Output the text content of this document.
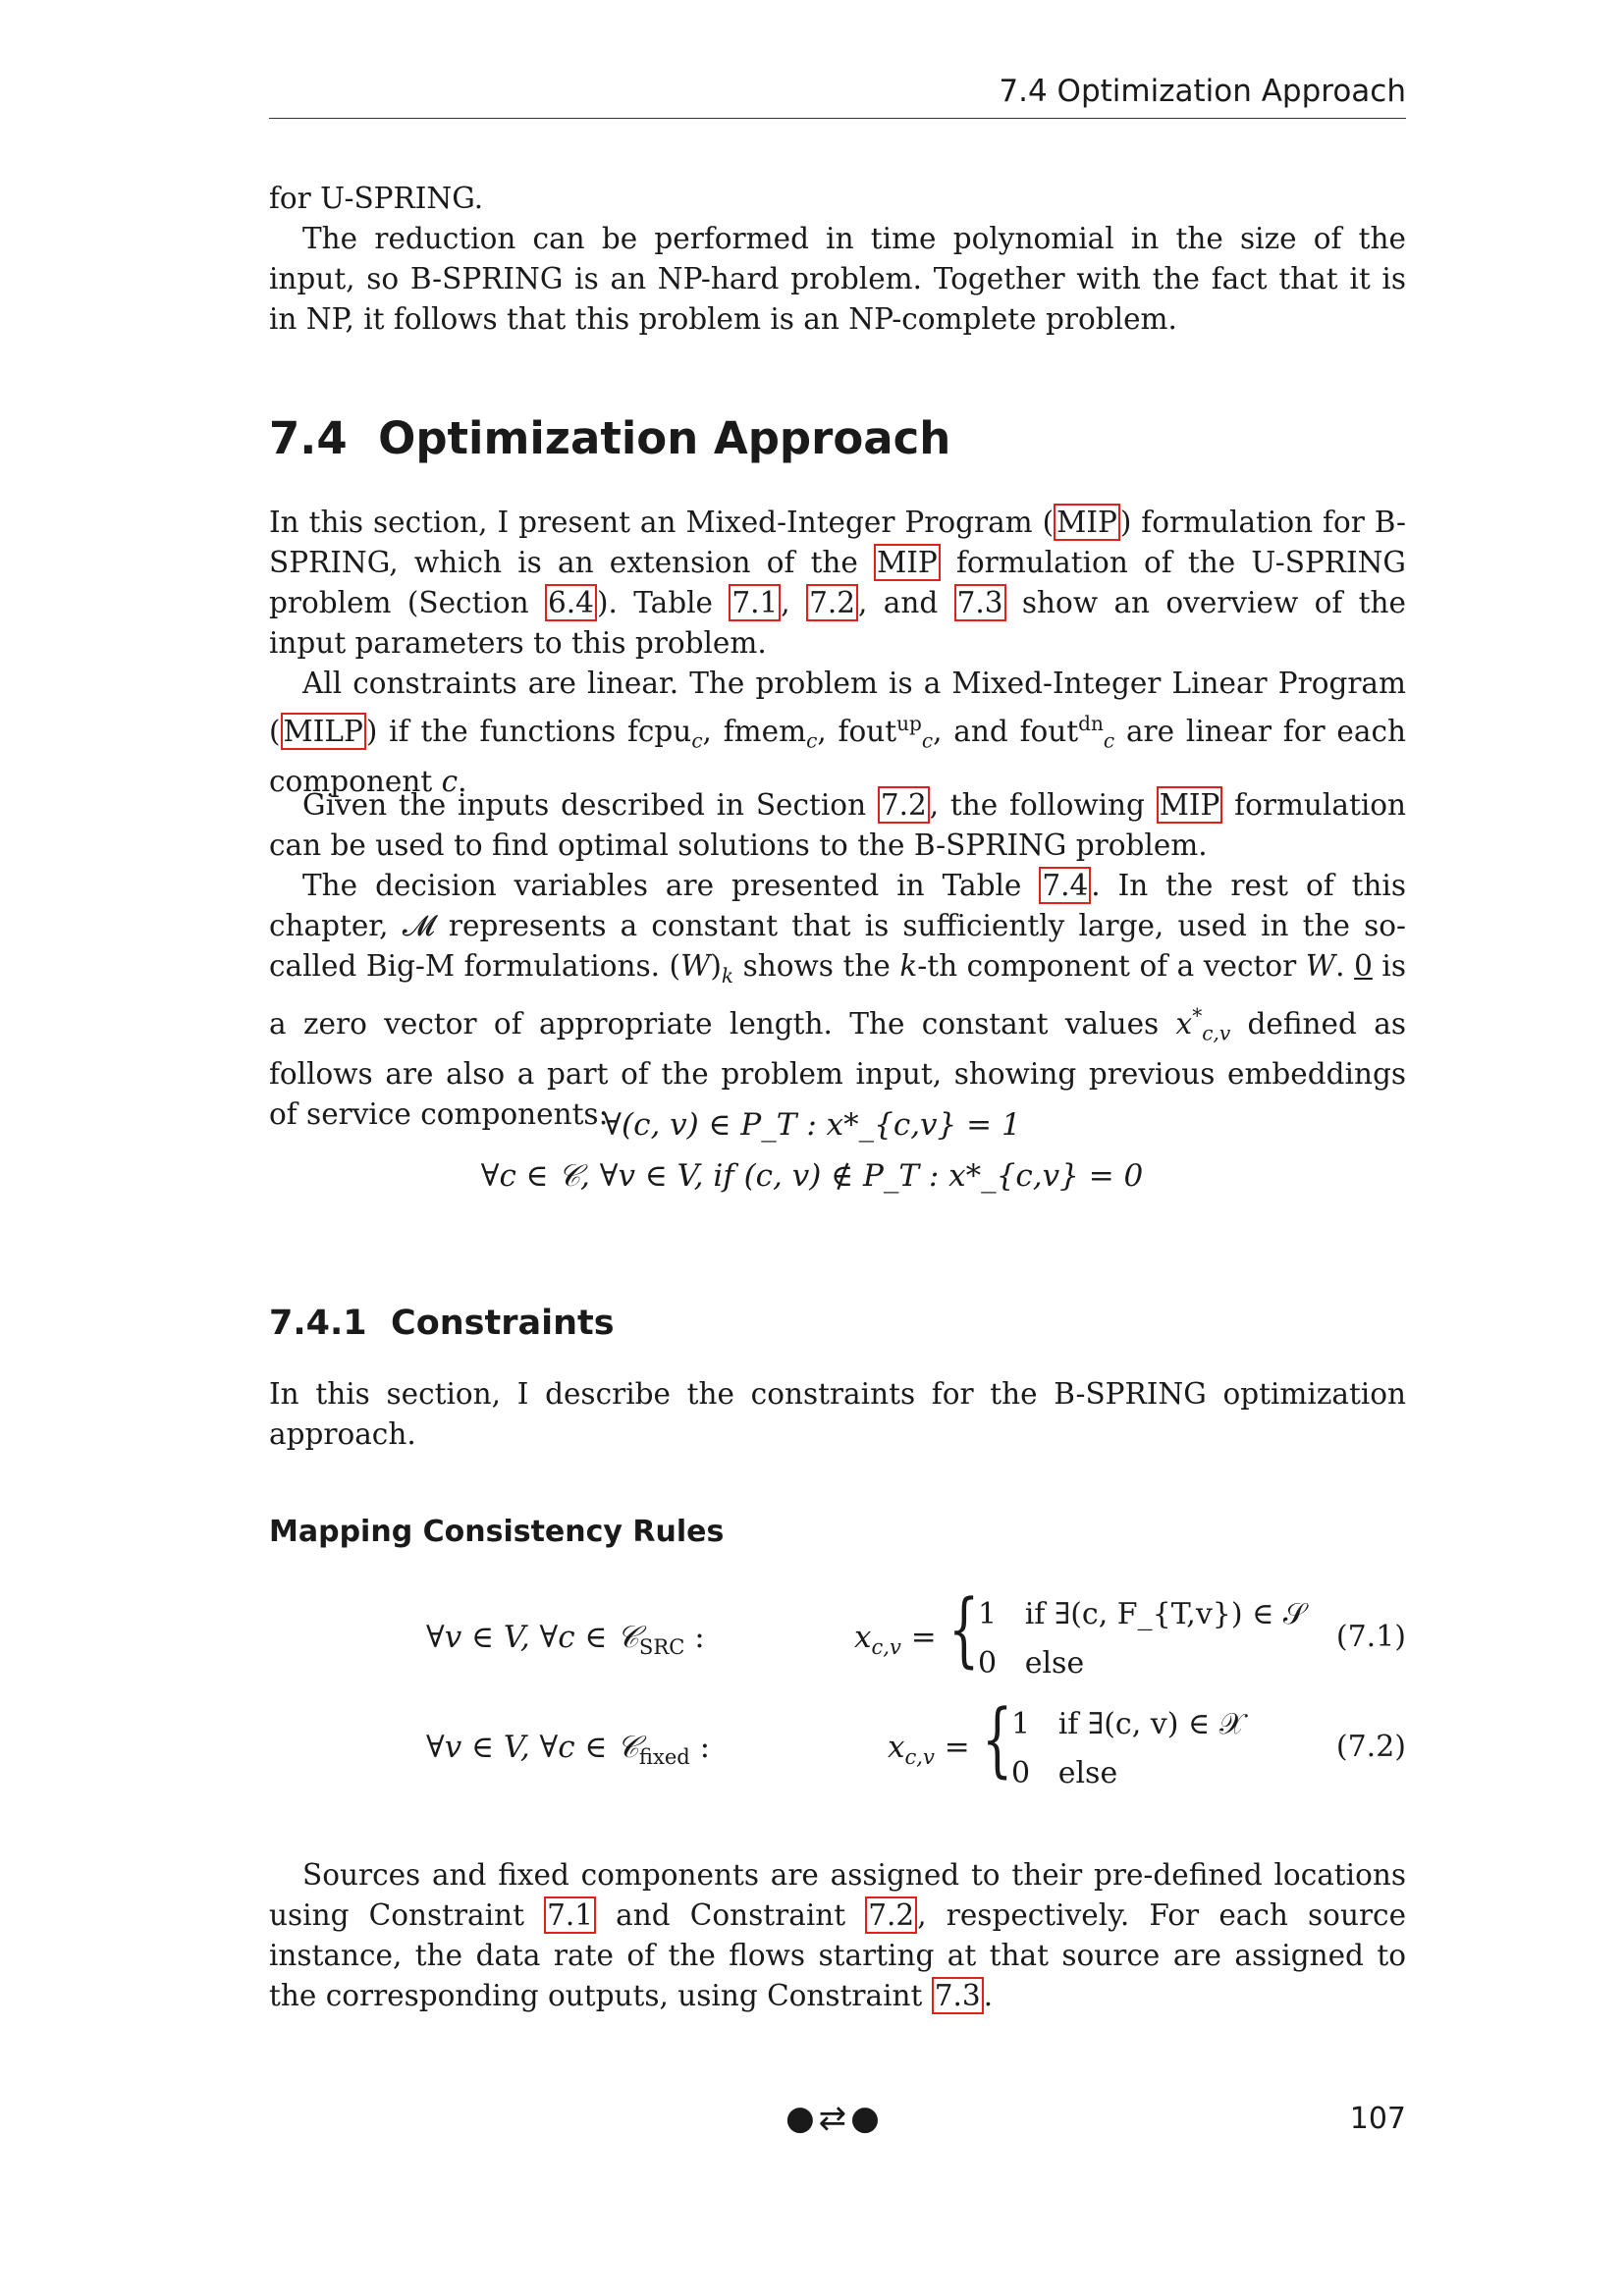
7.4 Optimization Approach
for U-SPRING.
The reduction can be performed in time polynomial in the size of the input, so B-SPRING is an NP-hard problem. Together with the fact that it is in NP, it follows that this problem is an NP-complete problem.
7.4 Optimization Approach
In this section, I present an Mixed-Integer Program ( MIP ) formulation for B-SPRING, which is an extension of the MIP formulation of the U-SPRING problem (Section 6.4 ). Table 7.1 , 7.2 , and 7.3 show an overview of the input parameters to this problem.
All constraints are linear. The problem is a Mixed-Integer Linear Program ( MILP ) if the functions fcpu$_c$, fmem$_c$, fout$^{up}_c$, and fout$^{dn}_c$ are linear for each component c.
Given the inputs described in Section 7.2 , the following MIP formulation can be used to find optimal solutions to the B-SPRING problem.
The decision variables are presented in Table 7.4 . In the rest of this chapter, 𝓜 represents a constant that is sufficiently large, used in the so-called Big-M formulations. $(W)_k$ shows the k-th component of a vector W. 0 is a zero vector of appropriate length. The constant values $x^*_{c,v}$ defined as follows are also a part of the problem input, showing previous embeddings of service components:
∀(c, v) ∈ P_T : x*_{c,v} = 1
∀c ∈ 𝒞, ∀v ∈ V, if (c, v) ∉ P_T : x*_{c,v} = 0
7.4.1 Constraints
In this section, I describe the constraints for the B-SPRING optimization approach.
Mapping Consistency Rules
∀v ∈ V, ∀c ∈ 𝒞$_{SRC}$ :	$x_{c,v}$ = {
1 if ∃(c, F_{T,v}) ∈ 𝒮
0 else
(7.1)
∀v ∈ V, ∀c ∈ 𝒞$_{fixed}$ :	$x_{c,v}$ = {
1 if ∃(c, v) ∈ 𝒳
0 else
(7.2)
Sources and fixed components are assigned to their pre-defined locations using Constraint 7.1 and Constraint 7.2 , respectively. For each source instance, the data rate of the flows starting at that source are assigned to the corresponding outputs, using Constraint 7.3 .
●⇄●	107
